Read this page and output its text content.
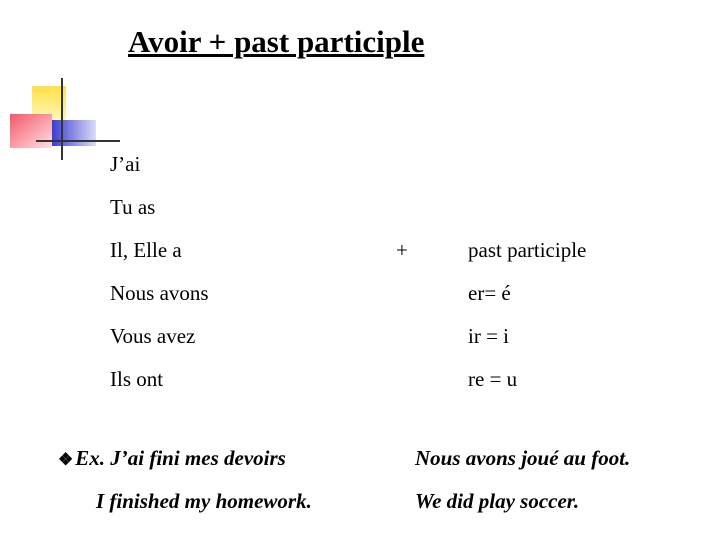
Avoir + past participle
J’ai
Tu as
Il, Elle a
Nous avons
Vous avez
Ils ont
+	past participle
er= é
ir = i
re = u
❖Ex. J’ai fini mes devoirs
I finished my homework.
Nous avons joué au foot.
We did play soccer.
